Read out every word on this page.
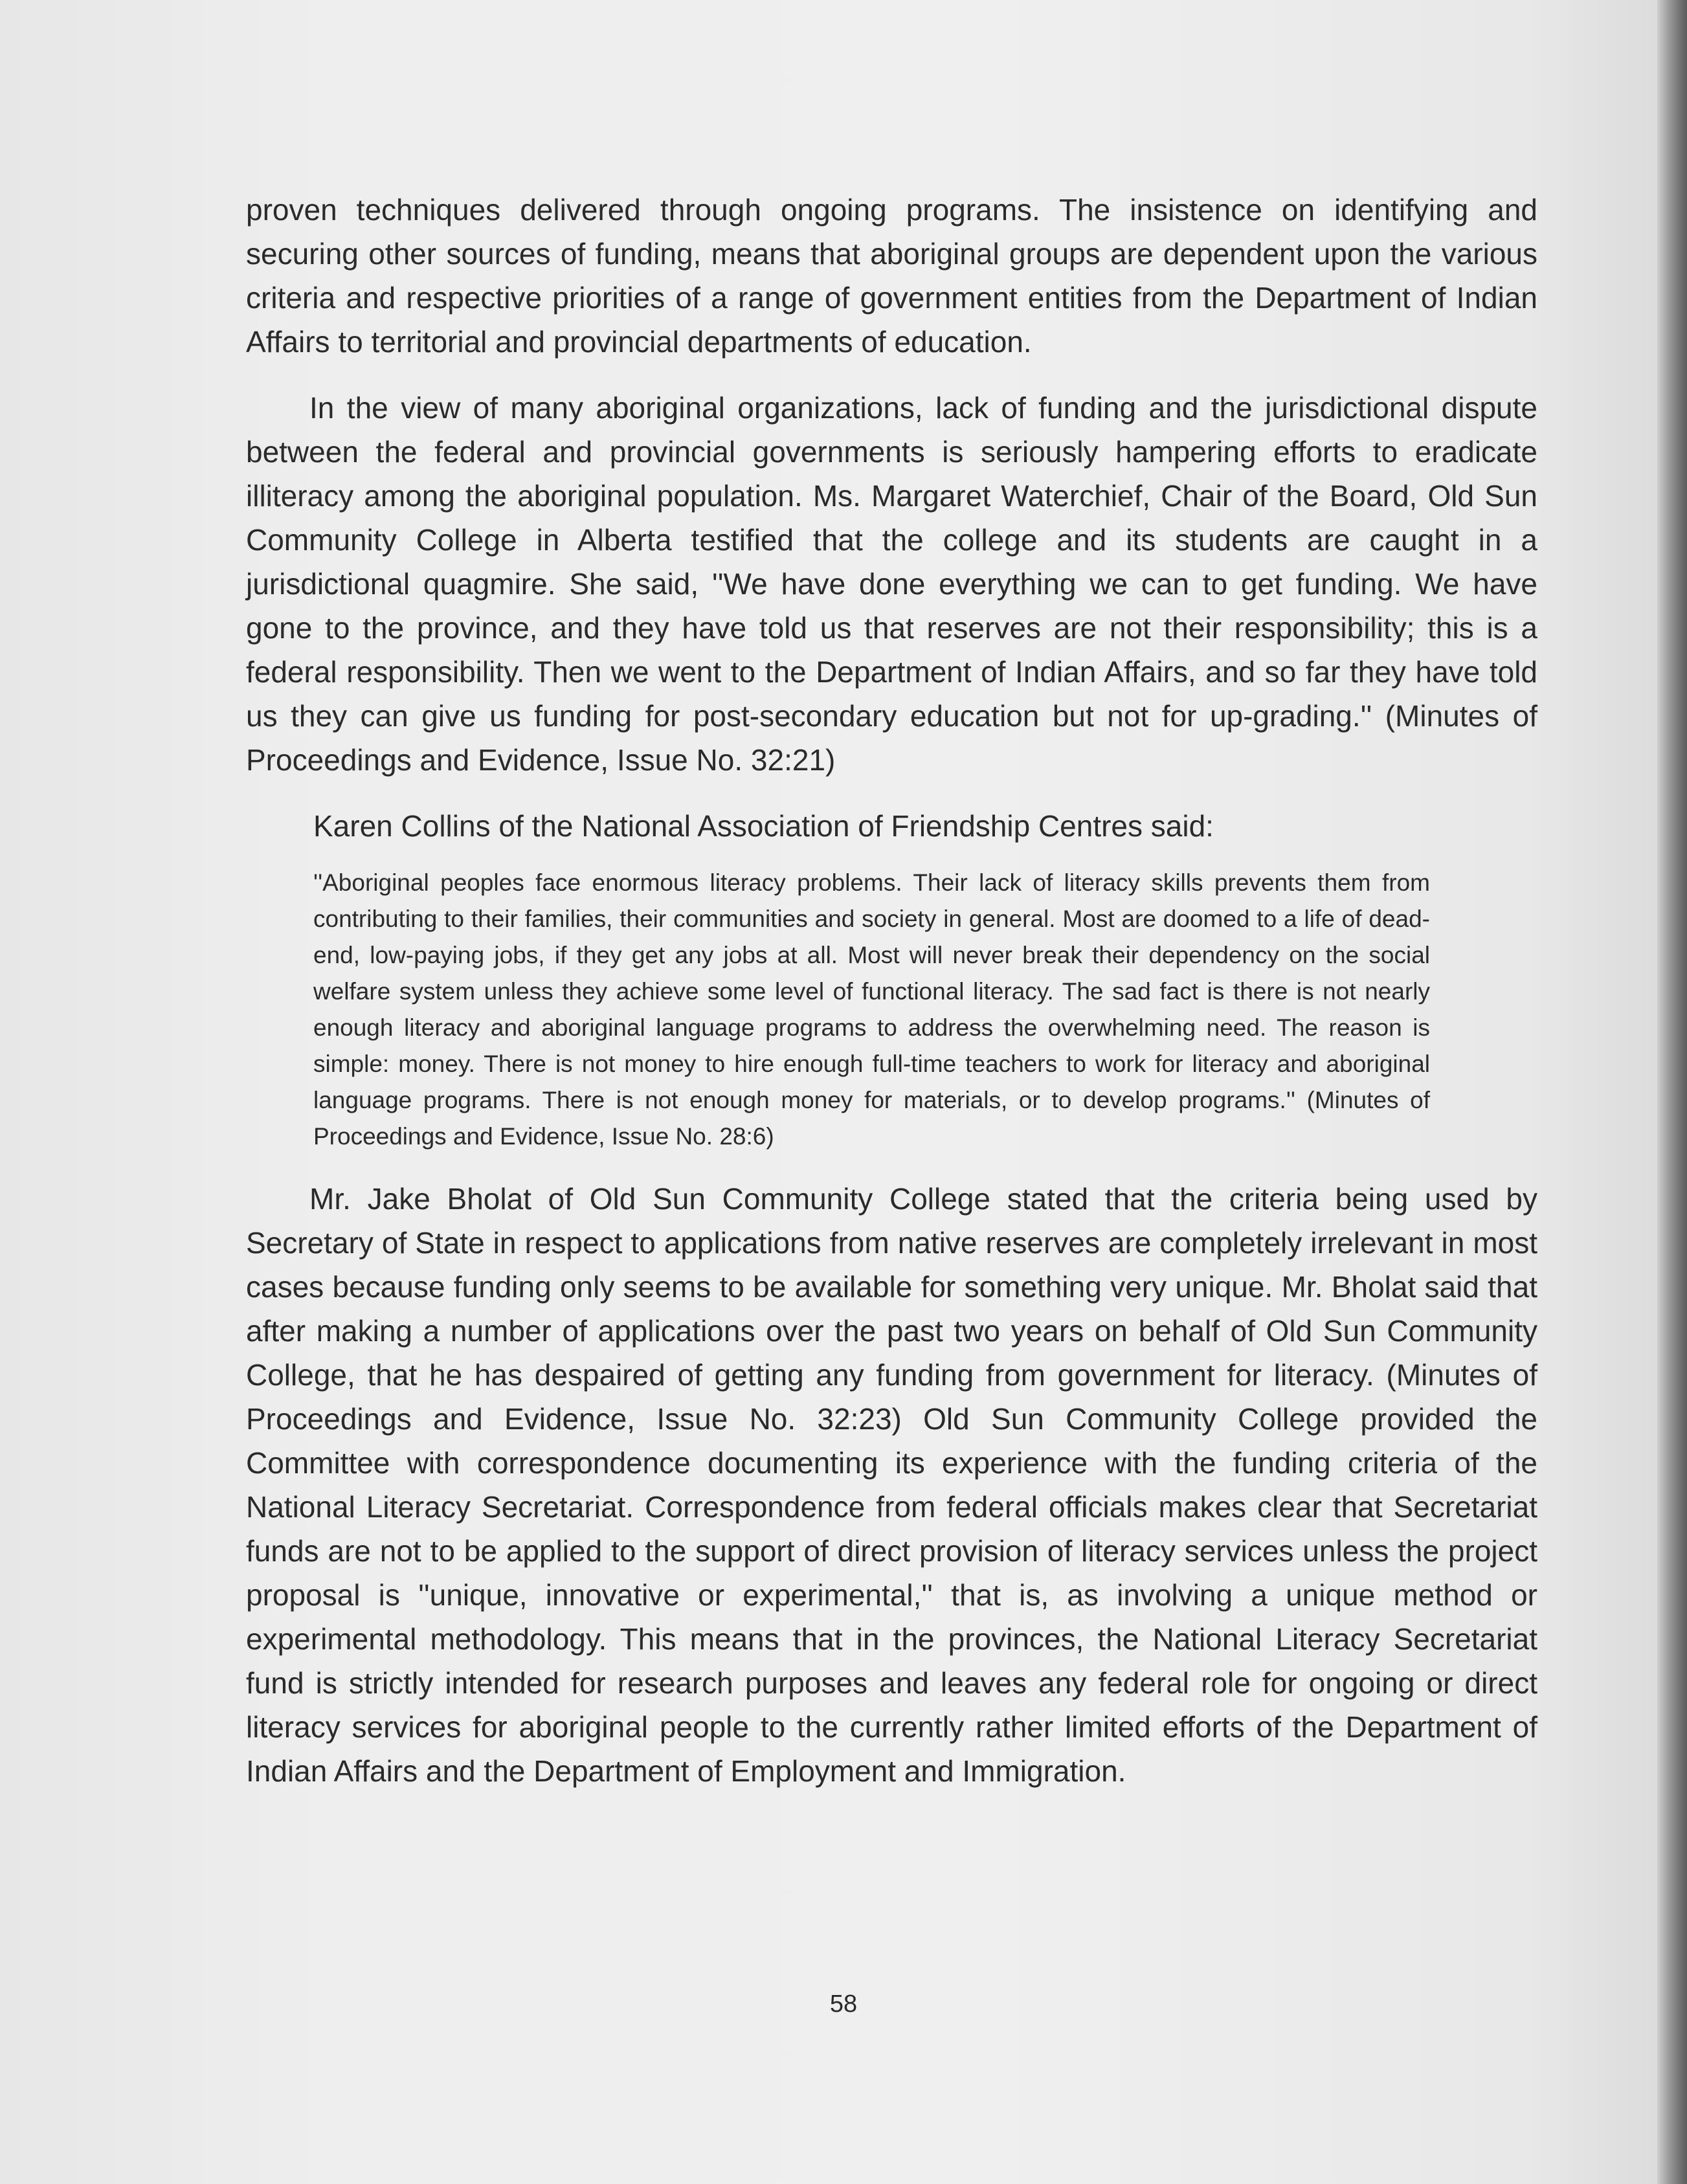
proven techniques delivered through ongoing programs. The insistence on identifying and securing other sources of funding, means that aboriginal groups are dependent upon the various criteria and respective priorities of a range of government entities from the Department of Indian Affairs to territorial and provincial departments of education.

In the view of many aboriginal organizations, lack of funding and the jurisdictional dispute between the federal and provincial governments is seriously hampering efforts to eradicate illiteracy among the aboriginal population. Ms. Margaret Waterchief, Chair of the Board, Old Sun Community College in Alberta testified that the college and its students are caught in a jurisdictional quagmire. She said, ''We have done everything we can to get funding. We have gone to the province, and they have told us that reserves are not their responsibility; this is a federal responsibility. Then we went to the Department of Indian Affairs, and so far they have told us they can give us funding for post-secondary education but not for up-grading.'' (Minutes of Proceedings and Evidence, Issue No. 32:21)

Karen Collins of the National Association of Friendship Centres said:

''Aboriginal peoples face enormous literacy problems. Their lack of literacy skills prevents them from contributing to their families, their communities and society in general. Most are doomed to a life of dead-end, low-paying jobs, if they get any jobs at all. Most will never break their dependency on the social welfare system unless they achieve some level of functional literacy. The sad fact is there is not nearly enough literacy and aboriginal language programs to address the overwhelming need. The reason is simple: money. There is not money to hire enough full-time teachers to work for literacy and aboriginal language programs. There is not enough money for materials, or to develop programs.'' (Minutes of Proceedings and Evidence, Issue No. 28:6)

Mr. Jake Bholat of Old Sun Community College stated that the criteria being used by Secretary of State in respect to applications from native reserves are completely irrelevant in most cases because funding only seems to be available for something very unique. Mr. Bholat said that after making a number of applications over the past two years on behalf of Old Sun Community College, that he has despaired of getting any funding from government for literacy. (Minutes of Proceedings and Evidence, Issue No. 32:23) Old Sun Community College provided the Committee with correspondence documenting its experience with the funding criteria of the National Literacy Secretariat. Correspondence from federal officials makes clear that Secretariat funds are not to be applied to the support of direct provision of literacy services unless the project proposal is ''unique, innovative or experimental,'' that is, as involving a unique method or experimental methodology. This means that in the provinces, the National Literacy Secretariat fund is strictly intended for research purposes and leaves any federal role for ongoing or direct literacy services for aboriginal people to the currently rather limited efforts of the Department of Indian Affairs and the Department of Employment and Immigration.

58
